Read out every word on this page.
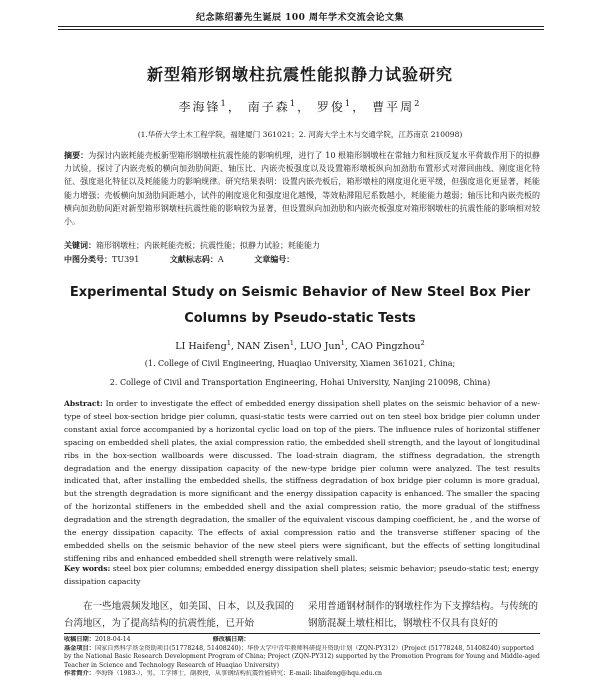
纪念陈绍蕃先生诞辰 100 周年学术交流会论文集
新型箱形钢墩柱抗震性能拟静力试验研究
李海锋$^1$， 南子森$^1$， 罗俊$^1$， 曹平周$^2$
(1.华侨大学土木工程学院，福建厦门 361021；2. 河海大学土木与交通学院，江苏南京 210098)
摘要：为探讨内嵌耗能壳板新型箱形钢墩柱抗震性能的影响机理，进行了 10 根箱形钢墩柱在常轴力和柱顶反复水平荷载作用下的拟静力试验，探讨了内嵌壳板的横向加劲肋间距、轴压比、内嵌壳板强度以及设置箱形墩板纵向加劲肋布置形式对滞回曲线、刚度退化特征、强度退化特征以及耗能能力的影响规律。研究结果表明：设置内嵌壳板后，箱形墩柱的刚度退化更平缓，但强度退化更显著，耗能能力增强；壳板横向加劲肋间距越小，试件的刚度退化和强度退化越慢，等效粘滞阻尼系数越小，耗能能力越弱；轴压比和内嵌壳板的横向加劲肋间距对新型箱形钢墩柱抗震性能的影响较为显著，但设置纵向加劲肋和内嵌壳板强度对箱形钢墩柱的抗震性能的影响相对较小。
关键词：箱形钢墩柱；内嵌耗能壳板；抗震性能；拟静力试验；耗能能力
中图分类号：TU391	文献标志码：A	文章编号：
Experimental Study on Seismic Behavior of New Steel Box Pier Columns by Pseudo-static Tests
LI Haifeng$^1$, NAN Zisen$^1$, LUO Jun$^1$, CAO Pingzhou$^2$
(1. College of Civil Engineering, Huaqiao University, Xiamen 361021, China;
2. College of Civil and Transportation Engineering, Hohai University, Nanjing 210098, China)
Abstract: In order to investigate the effect of embedded energy dissipation shell plates on the seismic behavior of a new-type of steel box-section bridge pier column, quasi-static tests were carried out on ten steel box bridge pier column under constant axial force accompanied by a horizontal cyclic load on top of the piers. The influence rules of horizontal stiffener spacing on embedded shell plates, the axial compression ratio, the embedded shell strength, and the layout of longitudinal ribs in the box-section wallboards were discussed. The load-strain diagram, the stiffness degradation, the strength degradation and the energy dissipation capacity of the new-type bridge pier column were analyzed. The test results indicated that, after installing the embedded shells, the stiffness degradation of box bridge pier column is more gradual, but the strength degradation is more significant and the energy dissipation capacity is enhanced. The smaller the spacing of the horizontal stiffeners in the embedded shell and the axial compression ratio, the more gradual of the stiffness degradation and the strength degradation, the smaller of the equivalent viscous damping coefficient, he , and the worse of the energy dissipation capacity. The effects of axial compression ratio and the transverse stiffener spacing of the embedded shells on the seismic behavior of the new steel piers were significant, but the effects of setting longitudinal stiffening ribs and enhanced embedded shell strength were relatively small.
Key words: steel box pier columns; embedded energy dissipation shell plates; seismic behavior; pseudo-static test; energy dissipation capacity
在一些地震频发地区，如美国、日本，以及我国的台湾地区，为了提高结构的抗震性能，已开始
采用普通钢材制作的钢墩柱作为下支撑结构。与传统的钢筋混凝土墩柱相比，钢墩柱不仅具有良好的
收稿日期：2018-04-14	修改稿日期：
基金项目：国家自然科学基金资助项目(51778248, 51408240)；华侨大学中青年教师科研提升资助计划（ZQN-PY312）(Project (51778248, 51408240) supported by the National Basic Research Development Program of China; Project (ZQN-PY312) supported by the Promotion Program for Young and Middle-aged Teacher in Science and Technology Research of Huaqiao University)
作者简介：李海锋（1983-），男，工学博士，副教授，从事钢结构抗震性能研究；E-mail: lihaifeng@hqu.edu.cn
